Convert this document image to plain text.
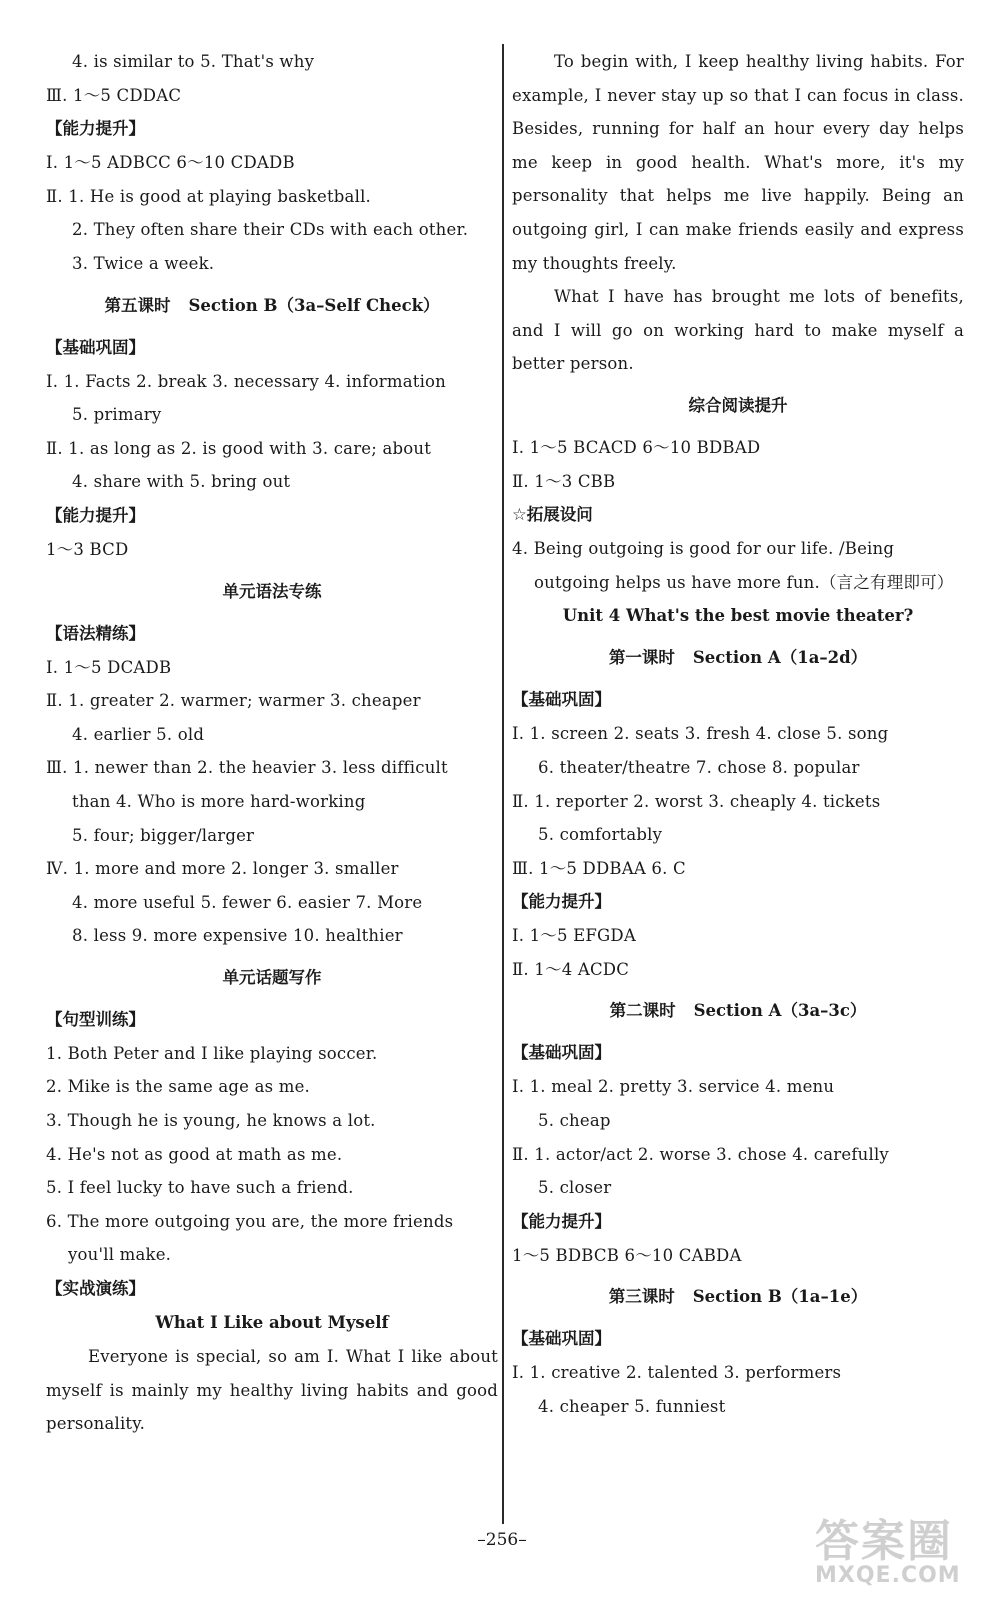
4. is similar to 5. That's why
Ⅲ. 1～5 CDDAC
【能力提升】
Ⅰ. 1～5 ADBCC 6～10 CDADB
Ⅱ. 1. He is good at playing basketball.
2. They often share their CDs with each other.
3. Twice a week.
第五课时 Section B（3a–Self Check）
【基础巩固】
Ⅰ. 1. Facts 2. break 3. necessary 4. information
5. primary
Ⅱ. 1. as long as 2. is good with 3. care; about
4. share with 5. bring out
【能力提升】
1～3 BCD
单元语法专练
【语法精练】
Ⅰ. 1～5 DCADB
Ⅱ. 1. greater 2. warmer; warmer 3. cheaper
4. earlier 5. old
Ⅲ. 1. newer than 2. the heavier 3. less difficult
than 4. Who is more hard-working
5. four; bigger/larger
Ⅳ. 1. more and more 2. longer 3. smaller
4. more useful 5. fewer 6. easier 7. More
8. less 9. more expensive 10. healthier
单元话题写作
【句型训练】
1. Both Peter and I like playing soccer.
2. Mike is the same age as me.
3. Though he is young, he knows a lot.
4. He's not as good at math as me.
5. I feel lucky to have such a friend.
6. The more outgoing you are, the more friends you'll make.
【实战演练】
What I Like about Myself
Everyone is special, so am I. What I like about myself is mainly my healthy living habits and good personality.
To begin with, I keep healthy living habits. For example, I never stay up so that I can focus in class. Besides, running for half an hour every day helps me keep in good health. What's more, it's my personality that helps me live happily. Being an outgoing girl, I can make friends easily and express my thoughts freely.
What I have has brought me lots of benefits, and I will go on working hard to make myself a better person.
综合阅读提升
Ⅰ. 1～5 BCACD 6～10 BDBAD
Ⅱ. 1～3 CBB
☆拓展设问
4. Being outgoing is good for our life. /Being outgoing helps us have more fun.（言之有理即可）
Unit 4 What's the best movie theater?
第一课时 Section A（1a–2d）
【基础巩固】
Ⅰ. 1. screen 2. seats 3. fresh 4. close 5. song
6. theater/theatre 7. chose 8. popular
Ⅱ. 1. reporter 2. worst 3. cheaply 4. tickets
5. comfortably
Ⅲ. 1～5 DDBAA 6. C
【能力提升】
Ⅰ. 1～5 EFGDA
Ⅱ. 1～4 ACDC
第二课时 Section A（3a–3c）
【基础巩固】
Ⅰ. 1. meal 2. pretty 3. service 4. menu
5. cheap
Ⅱ. 1. actor/act 2. worse 3. chose 4. carefully
5. closer
【能力提升】
1～5 BDBCB 6～10 CABDA
第三课时 Section B（1a–1e）
【基础巩固】
Ⅰ. 1. creative 2. talented 3. performers
4. cheaper 5. funniest
–256–	答案圈
MXQE.COM
